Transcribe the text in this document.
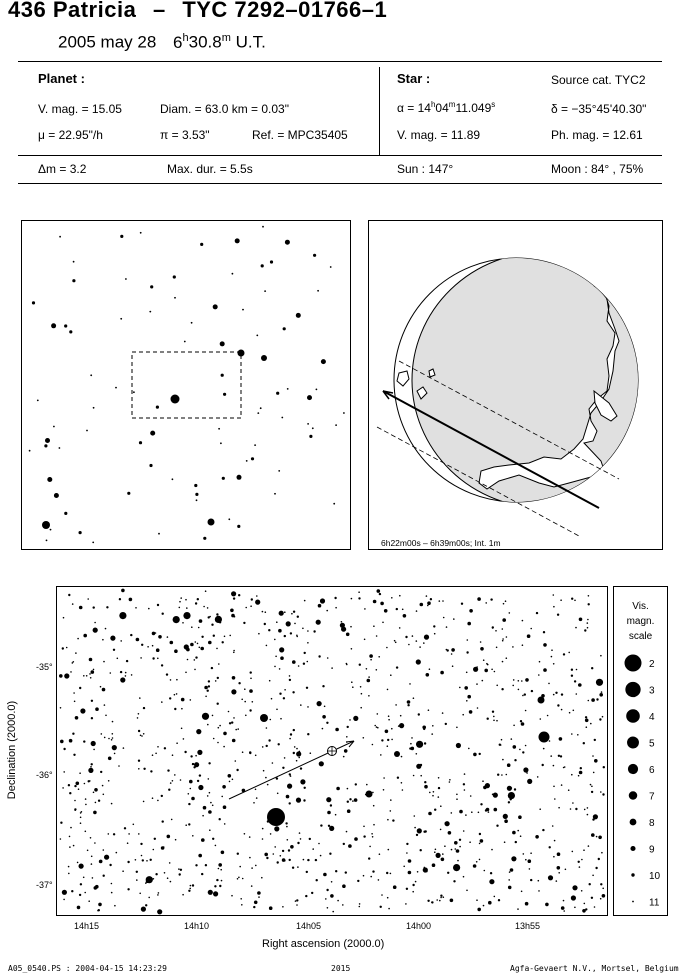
436 Patricia – TYC 7292–01766–1
2005 may 28 6$^h$30.8$^m$ U.T.
Planet :
V. mag. = 15.05	Diam. = 63.0 km = 0.03"
μ = 22.95"/h	π = 3.53"	Ref. = MPC35405
Star :	Source cat. TYC2
$\alpha = 14^h04^m11.049^s$	δ = −35°45'40.30"
V. mag. = 11.89	Ph. mag. = 12.61
Δm = 3.2	Max. dur. = 5.5s	Sun : 147°	Moon : 84° , 75%
6h22m00s – 6h39m00s; Int. 1m
Declination (2000.0)
-35°
-36°
-37°
14h15	14h10	14h05	14h00	13h55
Right ascension (2000.0)
Vis.
magn.
scale
2
3
4
5
6
7
8
9
10
11
A05_0540.PS : 2004-04-15 14:23:29	2015	Agfa-Gevaert N.V., Mortsel, Belgium
